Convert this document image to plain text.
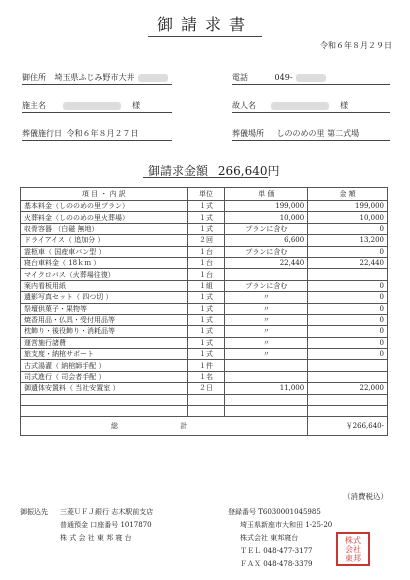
御請求書
令和６年８月２９日
御住所 埼玉県ふじみ野市大井	電話	049-
施主名	様	故人名	様
葬儀施行日 令和６年８月２７日	葬儀場所 しののめの里 第二式場
御請求金額 266,640円
項 目 ・ 内 訳	単位	単 価	金 額
基本料金（しののめの里プラン）	１式	199,000	199,000
火葬料金（しののめの里火葬場）	１式	10,000	10,000
収骨容器 （白磁 無地）	１式	プランに含む	0
ドライアイス（ 追加分 ）	２回	6,600	13,200
霊柩車（ 国産車バン型 ）	１台	プランに含む	0
寝台車料金（ 18ｋｍ ）	１台	22,440	22,440
マイクロバス（火葬場往復）	１台		
案内看板用紙	１組	プランに含む	0
遺影写真セット（ 四つ切 ）	１式	〃	0
祭壇供菓子・果物等	１式	〃	0
焼香用品・仏具・受付用品等	１式	〃	0
枕飾り・後役飾り・消耗品等	１式	〃	0
運営施行諸費	１式	〃	0
旅支度・納棺サポート	１式	〃	0
古式湯灌（ 納棺師手配 ）	１件		
司式進行（ 司会者手配 ）	１名		
御遺体安置料（ 当社安置室 ）	２日	11,000	22,000

総 計			￥266,640-
（消費税込）
御振込先 三菱ＵＦＪ銀行 志木駅前支店
普通預金 口座番号 1017870
株 式 会 社 東 邦 寝 台
登録番号 T6030001045985
埼玉県新座市大和田 1-25-20
株式会社 東邦寝台
ＴＥＬ 048-477-3177
ＦＡＸ 048-478-3379
株式
会社
東邦
